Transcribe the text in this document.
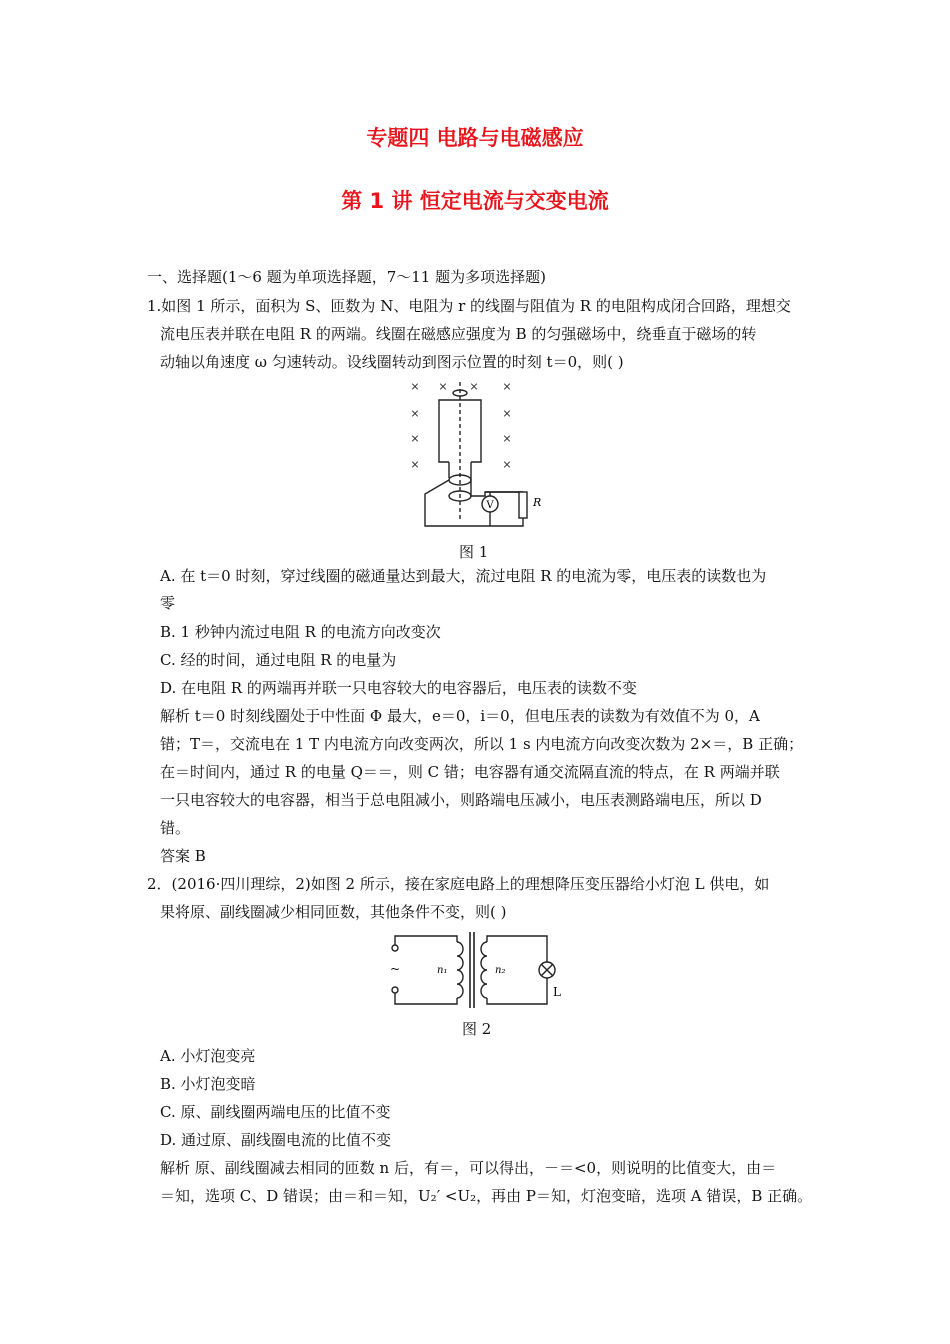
专题四 电路与电磁感应
第 1 讲 恒定电流与交变电流
一、选择题(1～6 题为单项选择题，7～11 题为多项选择题)
1.如图 1 所示，面积为 S、匝数为 N、电阻为 r 的线圈与阻值为 R 的电阻构成闭合回路，理想交
流电压表并联在电阻 R 的两端。线圈在磁感应强度为 B 的匀强磁场中，绕垂直于磁场的转
动轴以角速度 ω 匀速转动。设线圈转动到图示位置的时刻 t＝0，则( )
× × × ×
×	×
×	×
×	×
V	R
图 1
A. 在 t＝0 时刻，穿过线圈的磁通量达到最大，流过电阻 R 的电流为零，电压表的读数也为
零
B. 1 秒钟内流过电阻 R 的电流方向改变次
C. 经的时间，通过电阻 R 的电量为
D. 在电阻 R 的两端再并联一只电容较大的电容器后，电压表的读数不变
解析 t＝0 时刻线圈处于中性面 Φ 最大，e＝0，i＝0，但电压表的读数为有效值不为 0，A
错；T＝，交流电在 1 T 内电流方向改变两次，所以 1 s 内电流方向改变次数为 2×＝，B 正确；
在＝时间内，通过 R 的电量 Q＝＝，则 C 错；电容器有通交流隔直流的特点，在 R 两端并联
一只电容较大的电容器，相当于总电阻减小，则路端电压减小，电压表测路端电压，所以 D
错。
答案 B
2．(2016·四川理综，2)如图 2 所示，接在家庭电路上的理想降压变压器给小灯泡 L 供电，如
果将原、副线圈减少相同匝数，其他条件不变，则( )
~	n₁	n₂
L
图 2
A. 小灯泡变亮
B. 小灯泡变暗
C. 原、副线圈两端电压的比值不变
D. 通过原、副线圈电流的比值不变
解析 原、副线圈减去相同的匝数 n 后，有＝，可以得出，－＝<0，则说明的比值变大，由＝
＝知，选项 C、D 错误；由＝和＝知，U₂′ <U₂，再由 P＝知，灯泡变暗，选项 A 错误，B 正确。
